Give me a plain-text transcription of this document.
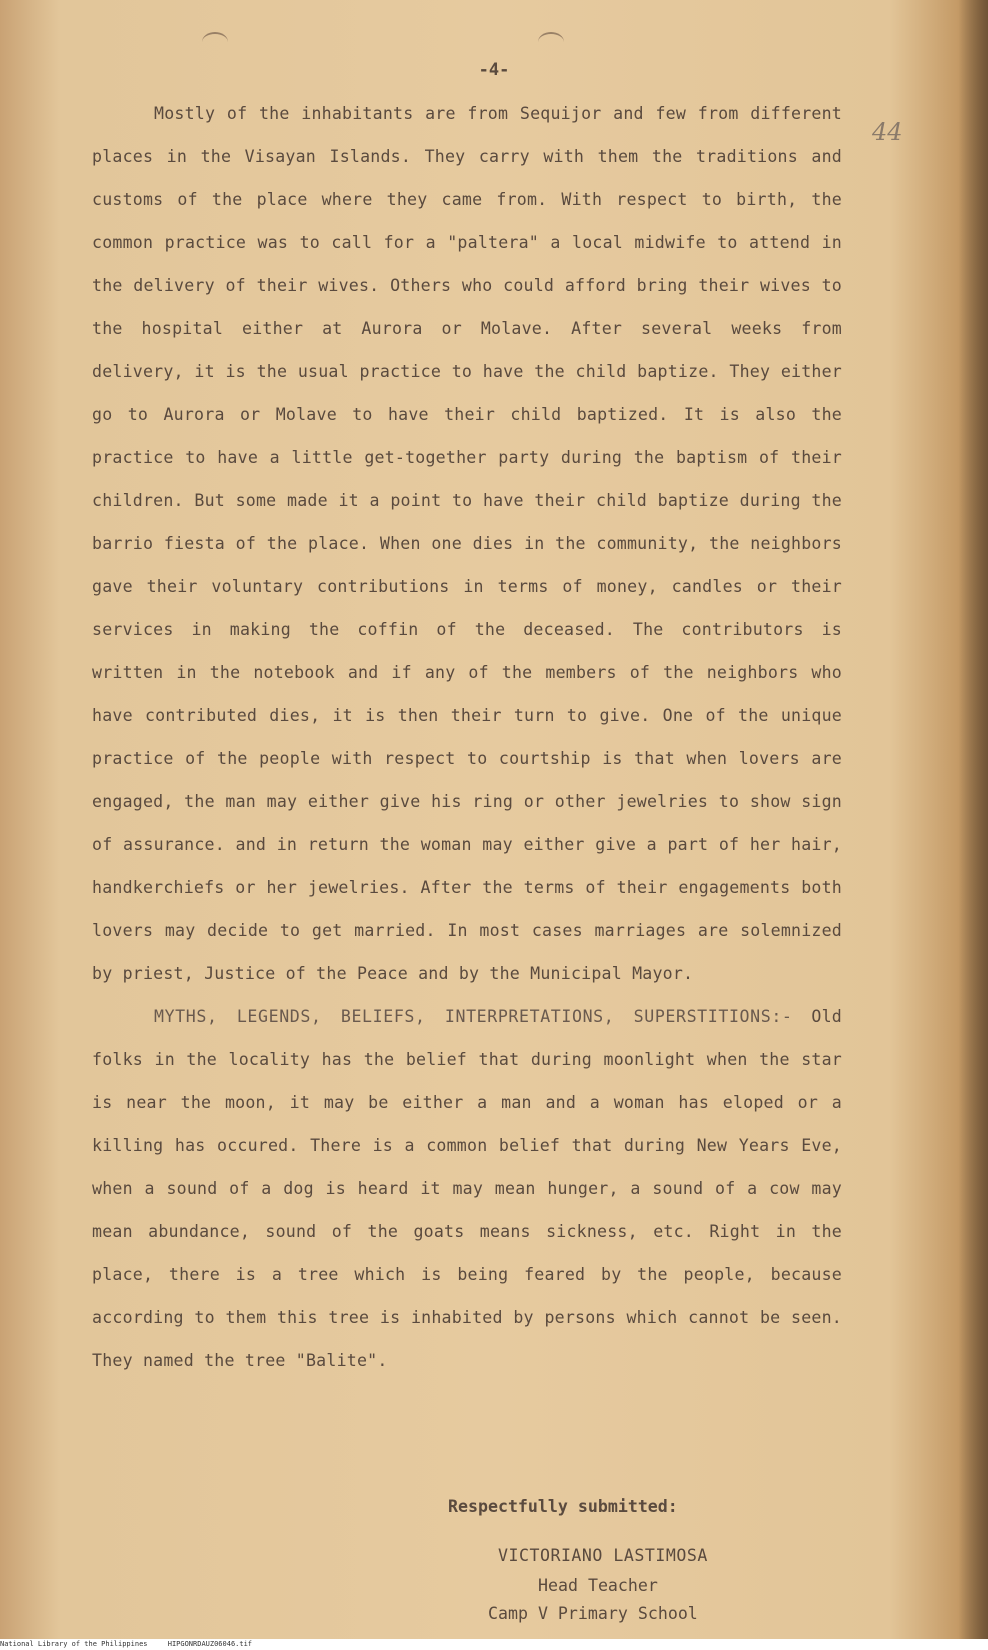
-4-
44

Mostly of the inhabitants are from Sequijor and few from different places in the Visayan Islands. They carry with them the traditions and customs of the place where they came from. With respect to birth, the common practice was to call for a "paltera" a local midwife to attend in the delivery of their wives. Others who could afford bring their wives to the hospital either at Aurora or Molave. After several weeks from delivery, it is the usual practice to have the child baptize. They either go to Aurora or Molave to have their child baptized. It is also the practice to have a little get-together party during the baptism of their children. But some made it a point to have their child baptize during the barrio fiesta of the place. When one dies in the community, the neighbors gave their voluntary contributions in terms of money, candles or their services in making the coffin of the deceased. The contributors is written in the notebook and if any of the members of the neighbors who have contributed dies, it is then their turn to give. One of the unique practice of the people with respect to courtship is that when lovers are engaged, the man may either give his ring or other jewelries to show sign of assurance. and in return the woman may either give a part of her hair, handkerchiefs or her jewelries. After the terms of their engagements both lovers may decide to get married. In most cases marriages are solemnized by priest, Justice of the Peace and by the Municipal Mayor.

MYTHS, LEGENDS, BELIEFS, INTERPRETATIONS, SUPERSTITIONS:- Old folks in the locality has the belief that during moonlight when the star is near the moon, it may be either a man and a woman has eloped or a killing has occured. There is a common belief that during New Years Eve, when a sound of a dog is heard it may mean hunger, a sound of a cow may mean abundance, sound of the goats means sickness, etc. Right in the place, there is a tree which is being feared by the people, because according to them this tree is inhabited by persons which cannot be seen. They named the tree "Balite".

Respectfully submitted:
VICTORIANO LASTIMOSA
Head Teacher
Camp V Primary School
National Library of the Philippines	HIPGONRDAUZ06046.tif
